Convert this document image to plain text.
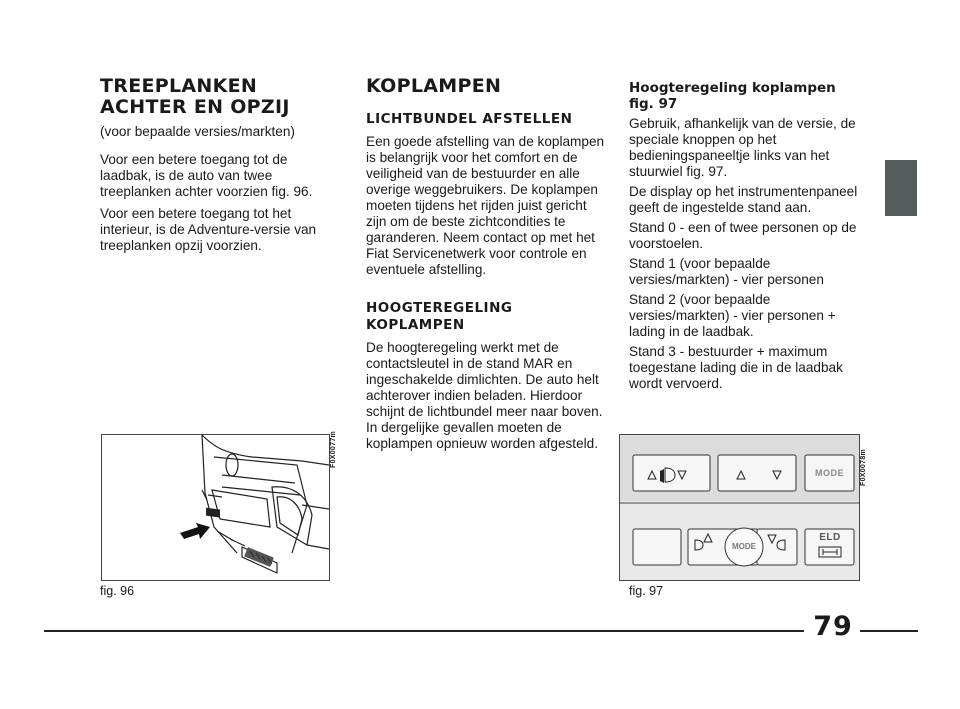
TREEPLANKEN
ACHTER EN OPZIJ

(voor bepaalde versies/markten)

Voor een betere toegang tot de laadbak, is de auto van twee treeplanken achter voorzien fig. 96.

Voor een betere toegang tot het interieur, is de Adventure-versie van treeplanken opzij voorzien.

KOPLAMPEN
LICHTBUNDEL AFSTELLEN

Een goede afstelling van de koplampen is belangrijk voor het comfort en de veiligheid van de bestuurder en alle overige weggebruikers. De koplampen moeten tijdens het rijden juist gericht zijn om de beste zichtcondities te garanderen. Neem contact op met het Fiat Servicenetwerk voor controle en eventuele afstelling.

HOOGTEREGELING
KOPLAMPEN

De hoogteregeling werkt met de contactsleutel in de stand MAR en ingeschakelde dimlichten. De auto helt achterover indien beladen. Hierdoor schijnt de lichtbundel meer naar boven. In dergelijke gevallen moeten de koplampen opnieuw worden afgesteld.

Hoogteregeling koplampen
fig. 97

Gebruik, afhankelijk van de versie, de speciale knoppen op het bedieningspaneeltje links van het stuurwiel fig. 97.

De display op het instrumentenpaneel geeft de ingestelde stand aan.

Stand 0 - een of twee personen op de voorstoelen.

Stand 1 (voor bepaalde versies/markten) - vier personen

Stand 2 (voor bepaalde versies/markten) - vier personen + lading in de laadbak.

Stand 3 - bestuurder + maximum toegestane lading die in de laadbak wordt vervoerd.

F0X0077m
fig. 96
MODE
MODE
ELD
F0X0078m
fig. 97
79
